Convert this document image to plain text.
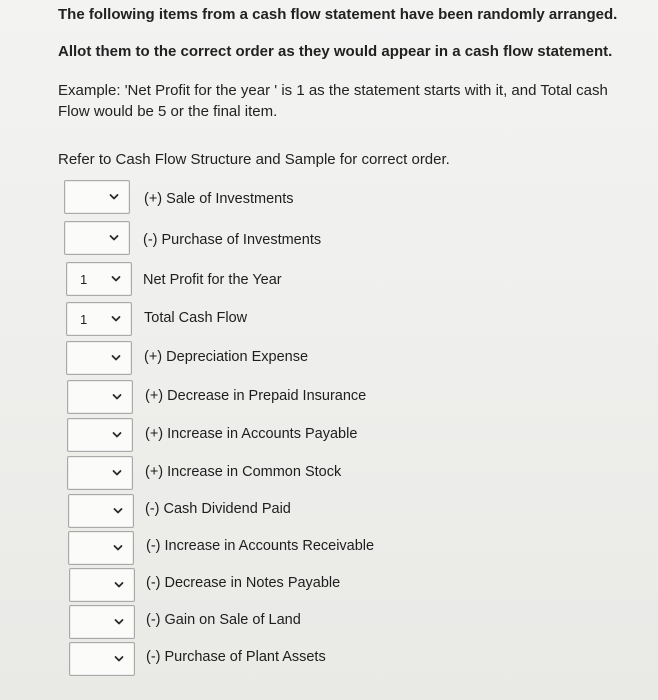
The following items from a cash flow statement have been randomly arranged.
Allot them to the correct order as they would appear in a cash flow statement.
Example: 'Net Profit for the year ' is 1 as the statement starts with it, and Total cash Flow would be 5 or the final item.
Refer to Cash Flow Structure and Sample for correct order.
(+) Sale of Investments
(-) Purchase of Investments
1	Net Profit for the Year
1	Total Cash Flow
(+) Depreciation Expense
(+) Decrease in Prepaid Insurance
(+) Increase in Accounts Payable
(+) Increase in Common Stock
(-) Cash Dividend Paid
(-) Increase in Accounts Receivable
(-) Decrease in Notes Payable
(-) Gain on Sale of Land
(-) Purchase of Plant Assets
